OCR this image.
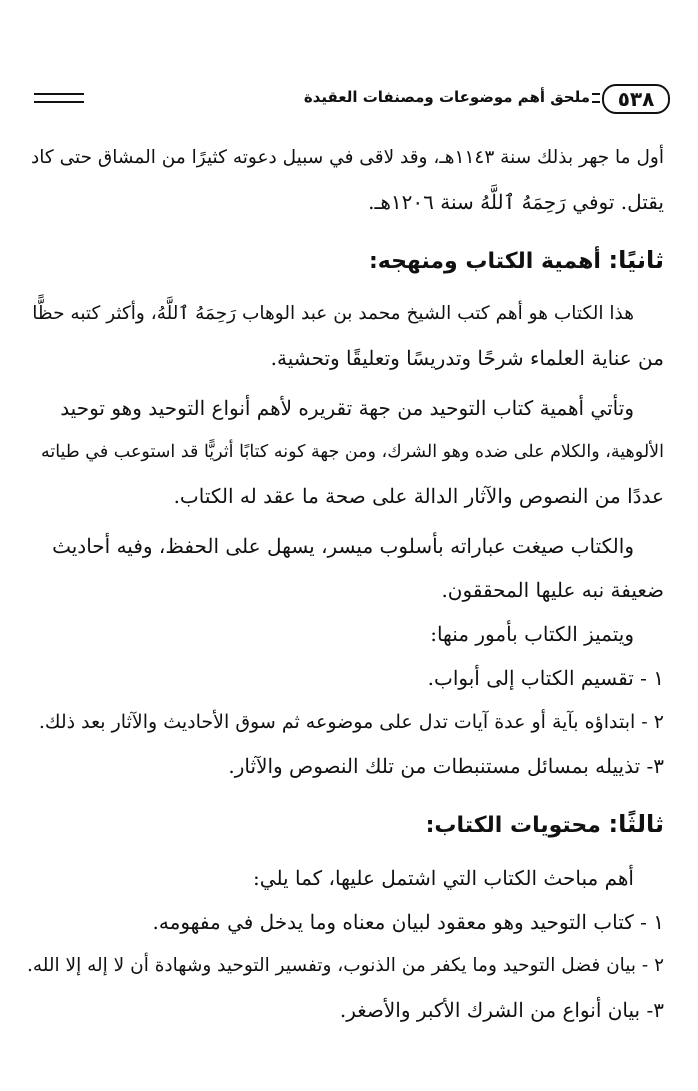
٥٣٨
ملحق أهم موضوعات ومصنفات العقيدة

أول ما جهر بذلك سنة ١١٤٣هـ، وقد لاقى في سبيل دعوته كثيرًا من المشاق حتى كاد

يقتل. توفي رَحِمَهُ ٱللَّهُ سنة ١٢٠٦هـ.

ثانيًا: أهمية الكتاب ومنهجه:

هذا الكتاب هو أهم كتب الشيخ محمد بن عبد الوهاب رَحِمَهُ ٱللَّهُ، وأكثر كتبه حظًّا

من عناية العلماء شرحًا وتدريسًا وتعليقًا وتحشية.

وتأتي أهمية كتاب التوحيد من جهة تقريره لأهم أنواع التوحيد وهو توحيد

الألوهية، والكلام على ضده وهو الشرك، ومن جهة كونه كتابًا أثريًّا قد استوعب في طياته

عددًا من النصوص والآثار الدالة على صحة ما عقد له الكتاب.

والكتاب صيغت عباراته بأسلوب ميسر، يسهل على الحفظ، وفيه أحاديث

ضعيفة نبه عليها المحققون.

ويتميز الكتاب بأمور منها:

١ - تقسيم الكتاب إلى أبواب.

٢ - ابتداؤه بآية أو عدة آيات تدل على موضوعه ثم سوق الأحاديث والآثار بعد ذلك.

٣- تذييله بمسائل مستنبطات من تلك النصوص والآثار.

ثالثًا: محتويات الكتاب:

أهم مباحث الكتاب التي اشتمل عليها، كما يلي:

١ - كتاب التوحيد وهو معقود لبيان معناه وما يدخل في مفهومه.

٢ - بيان فضل التوحيد وما يكفر من الذنوب، وتفسير التوحيد وشهادة أن لا إله إلا الله.

٣- بيان أنواع من الشرك الأكبر والأصغر.
